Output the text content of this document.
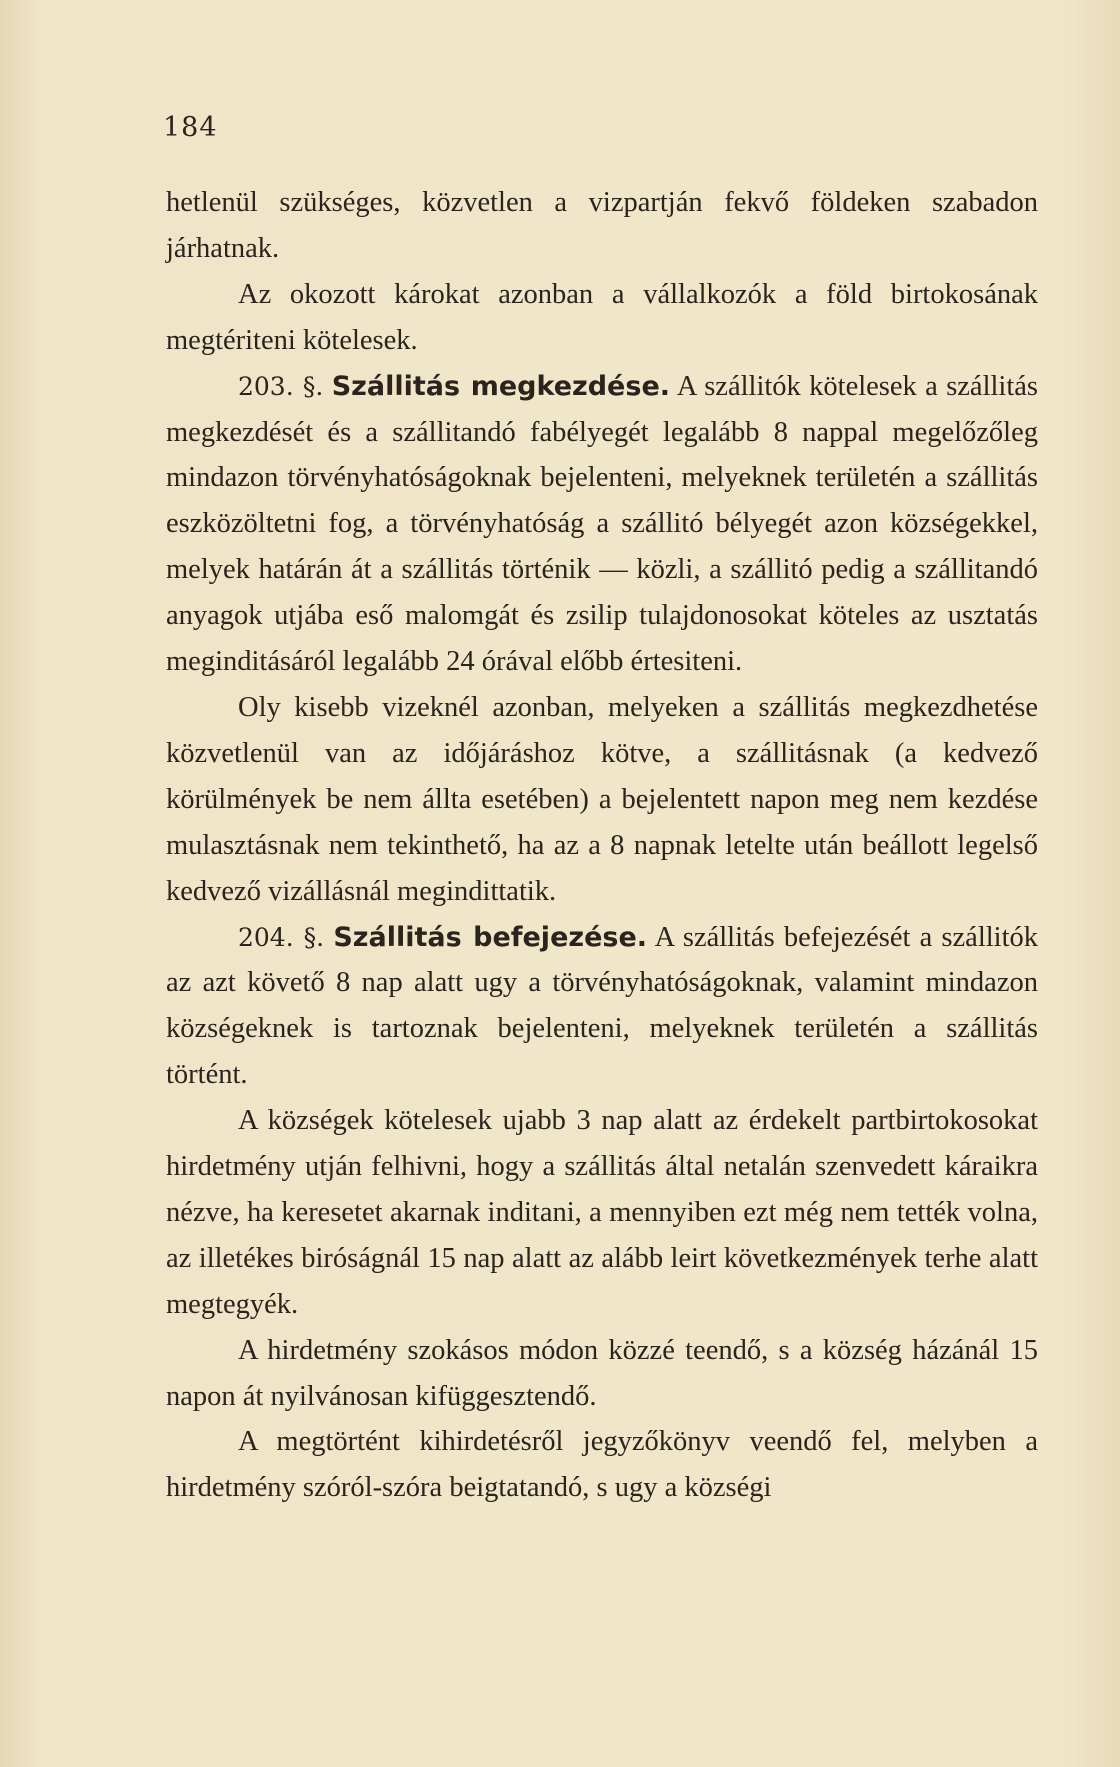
184

hetlenül szükséges, közvetlen a vizpartján fekvő földeken szabadon járhatnak.

Az okozott károkat azonban a vállalkozók a föld birtokosának megtériteni kötelesek.

203. §. Szállitás megkezdése. A szállitók kötelesek a szállitás megkezdését és a szállitandó fabélyegét legalább 8 nappal megelőzőleg mindazon törvényhatóságoknak bejelenteni, melyeknek területén a szállitás eszközöltetni fog, a törvényhatóság a szállitó bélyegét azon községekkel, melyek határán át a szállitás történik — közli, a szállitó pedig a szállitandó anyagok utjába eső malomgát és zsilip tulajdonosokat köteles az usztatás meginditásáról legalább 24 órával előbb értesiteni.

Oly kisebb vizeknél azonban, melyeken a szállitás megkezdhetése közvetlenül van az időjáráshoz kötve, a szállitásnak (a kedvező körülmények be nem állta esetében) a bejelentett napon meg nem kezdése mulasztásnak nem tekinthető, ha az a 8 napnak letelte után beállott legelső kedvező vizállásnál megindittatik.

204. §. Szállitás befejezése. A szállitás befejezését a szállitók az azt követő 8 nap alatt ugy a törvényhatóságoknak, valamint mindazon községeknek is tartoznak bejelenteni, melyeknek területén a szállitás történt.

A községek kötelesek ujabb 3 nap alatt az érdekelt partbirtokosokat hirdetmény utján felhivni, hogy a szállitás által netalán szenvedett káraikra nézve, ha keresetet akarnak inditani, a mennyiben ezt még nem tették volna, az illetékes biróságnál 15 nap alatt az alább leirt következmények terhe alatt megtegyék.

A hirdetmény szokásos módon közzé teendő, s a község házánál 15 napon át nyilvánosan kifüggesztendő.

A megtörtént kihirdetésről jegyzőkönyv veendő fel, melyben a hirdetmény szóról-szóra beigtatandó, s ugy a községi
